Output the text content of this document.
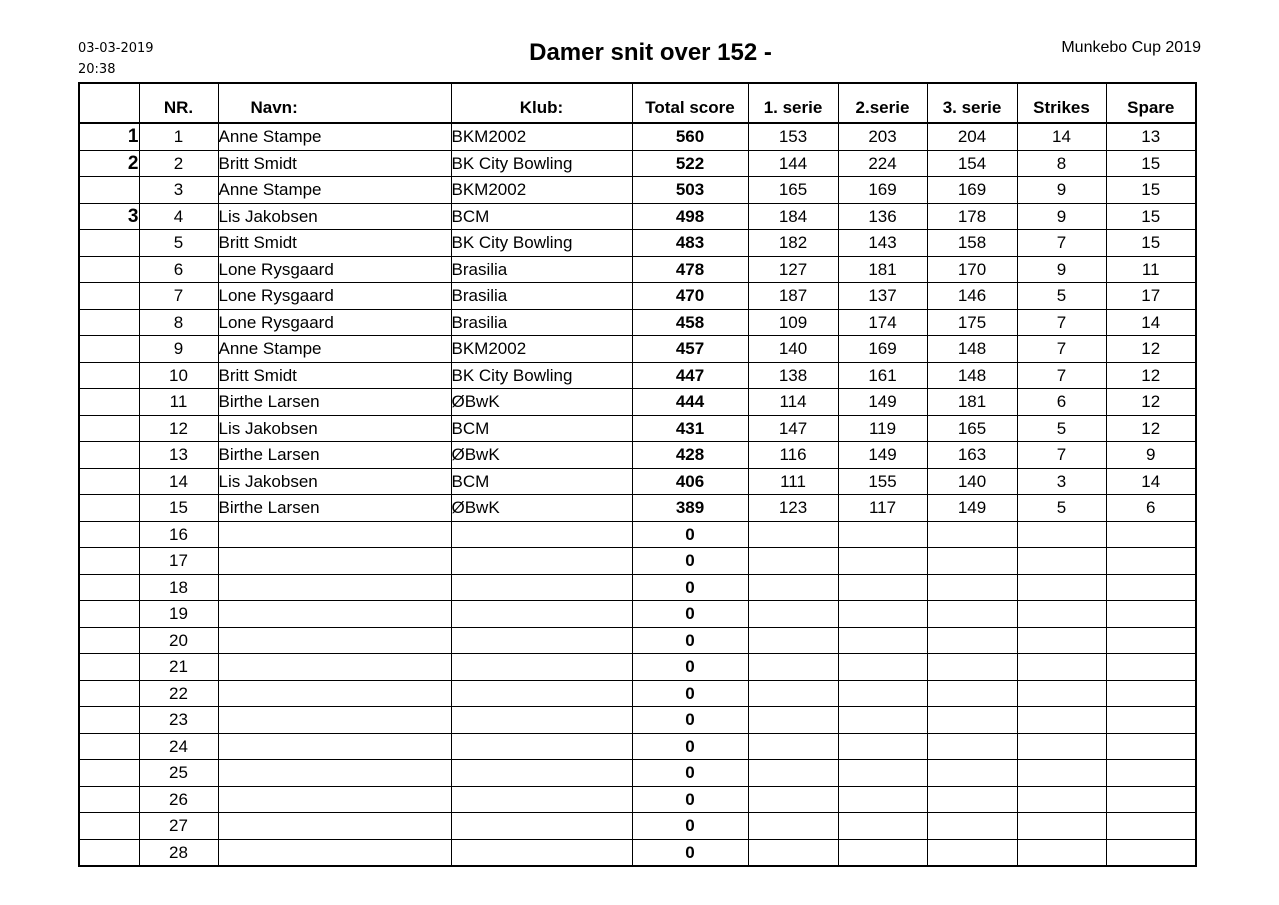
03-03-2019
20:38
Damer snit over 152 -	Munkebo Cup 2019
	NR.	Navn:	Klub:	Total score	1. serie	2.serie	3. serie	Strikes	Spare
1	1	Anne Stampe	BKM2002	560	153	203	204	14	13
2	2	Britt Smidt	BK City Bowling	522	144	224	154	8	15
	3	Anne Stampe	BKM2002	503	165	169	169	9	15
3	4	Lis Jakobsen	BCM	498	184	136	178	9	15
	5	Britt Smidt	BK City Bowling	483	182	143	158	7	15
	6	Lone Rysgaard	Brasilia	478	127	181	170	9	11
	7	Lone Rysgaard	Brasilia	470	187	137	146	5	17
	8	Lone Rysgaard	Brasilia	458	109	174	175	7	14
	9	Anne Stampe	BKM2002	457	140	169	148	7	12
	10	Britt Smidt	BK City Bowling	447	138	161	148	7	12
	11	Birthe Larsen	ØBwK	444	114	149	181	6	12
	12	Lis Jakobsen	BCM	431	147	119	165	5	12
	13	Birthe Larsen	ØBwK	428	116	149	163	7	9
	14	Lis Jakobsen	BCM	406	111	155	140	3	14
	15	Birthe Larsen	ØBwK	389	123	117	149	5	6
	16			0					
	17			0					
	18			0					
	19			0					
	20			0					
	21			0					
	22			0					
	23			0					
	24			0					
	25			0					
	26			0					
	27			0					
	28			0					
